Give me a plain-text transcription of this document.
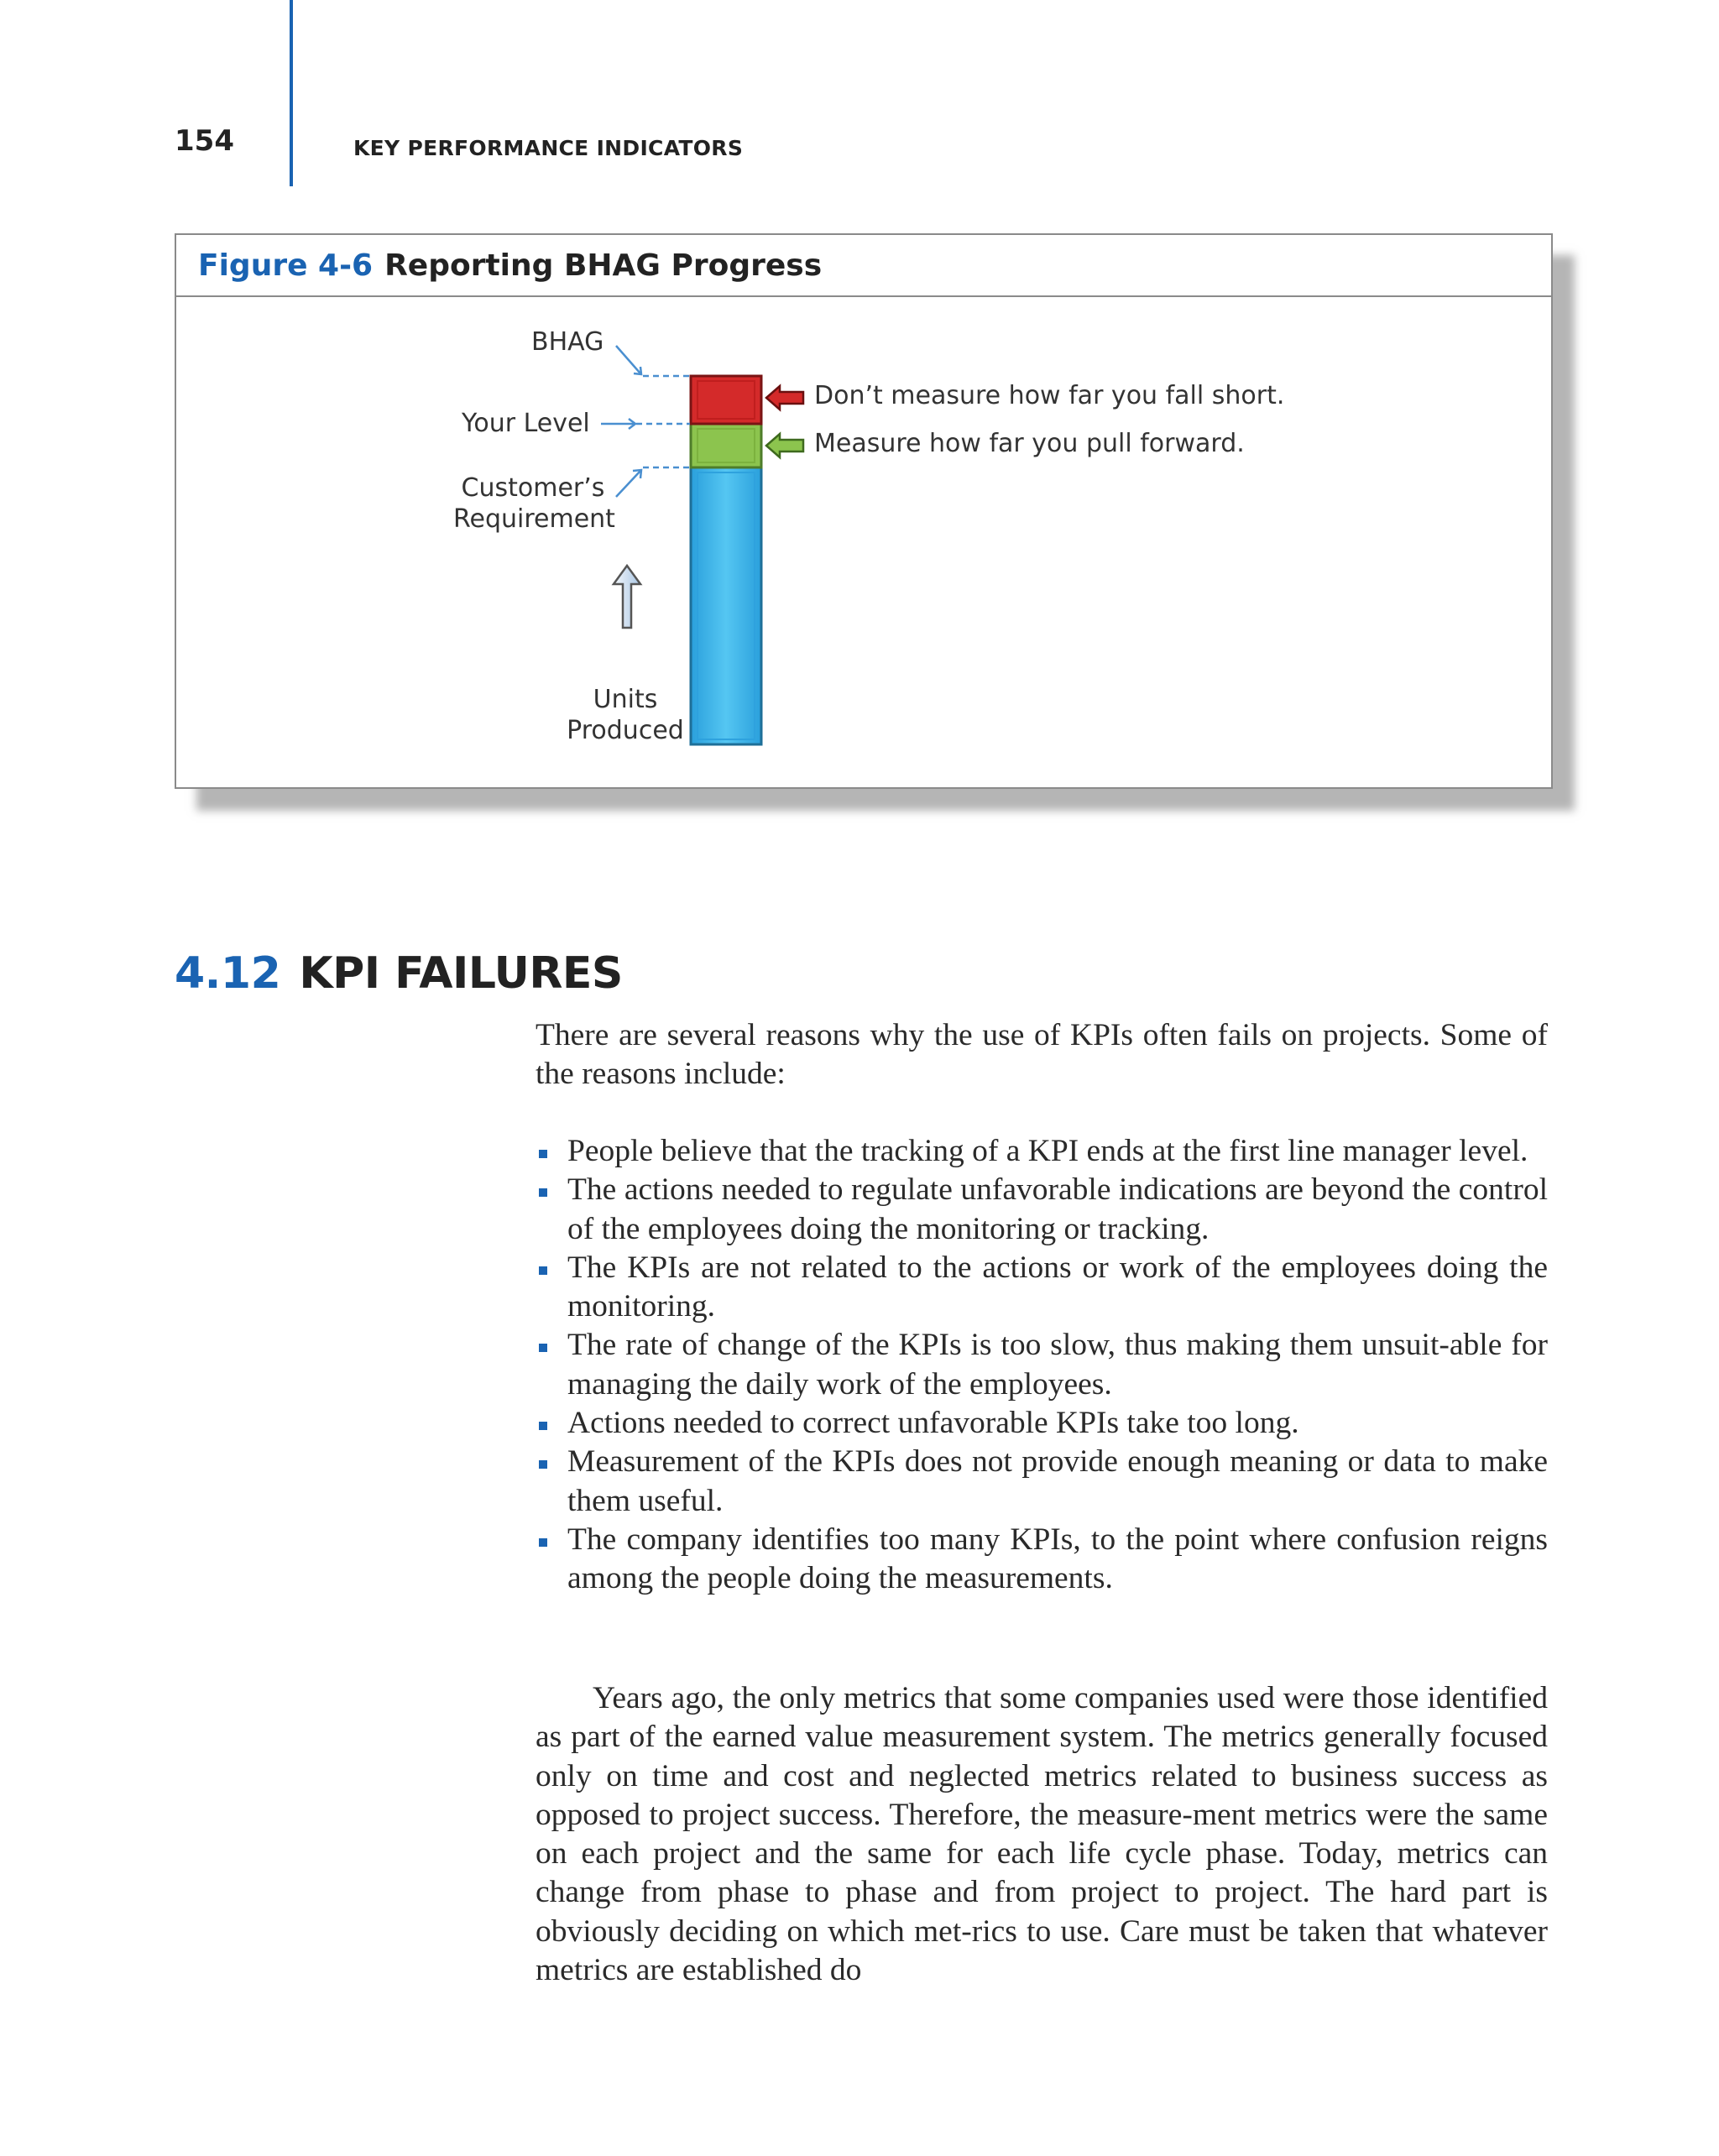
154	KEY PERFORMANCE INDICATORS
Figure 4-6 Reporting BHAG Progress
BHAG
Your Level
Customer’s
Requirement
Units
Produced
Don’t measure how far you fall short.
Measure how far you pull forward.
4.12 KPI FAILURES
There are several reasons why the use of KPIs often fails on projects. Some of the reasons include:
People believe that the tracking of a KPI ends at the first line manager level.
The actions needed to regulate unfavorable indications are beyond the control of the employees doing the monitoring or tracking.
The KPIs are not related to the actions or work of the employees doing the monitoring.
The rate of change of the KPIs is too slow, thus making them unsuit-able for managing the daily work of the employees.
Actions needed to correct unfavorable KPIs take too long.
Measurement of the KPIs does not provide enough meaning or data to make them useful.
The company identifies too many KPIs, to the point where confusion reigns among the people doing the measurements.
Years ago, the only metrics that some companies used were those identified as part of the earned value measurement system. The metrics generally focused only on time and cost and neglected metrics related to business success as opposed to project success. Therefore, the measure-ment metrics were the same on each project and the same for each life cycle phase. Today, metrics can change from phase to phase and from project to project. The hard part is obviously deciding on which met-rics to use. Care must be taken that whatever metrics are established do
